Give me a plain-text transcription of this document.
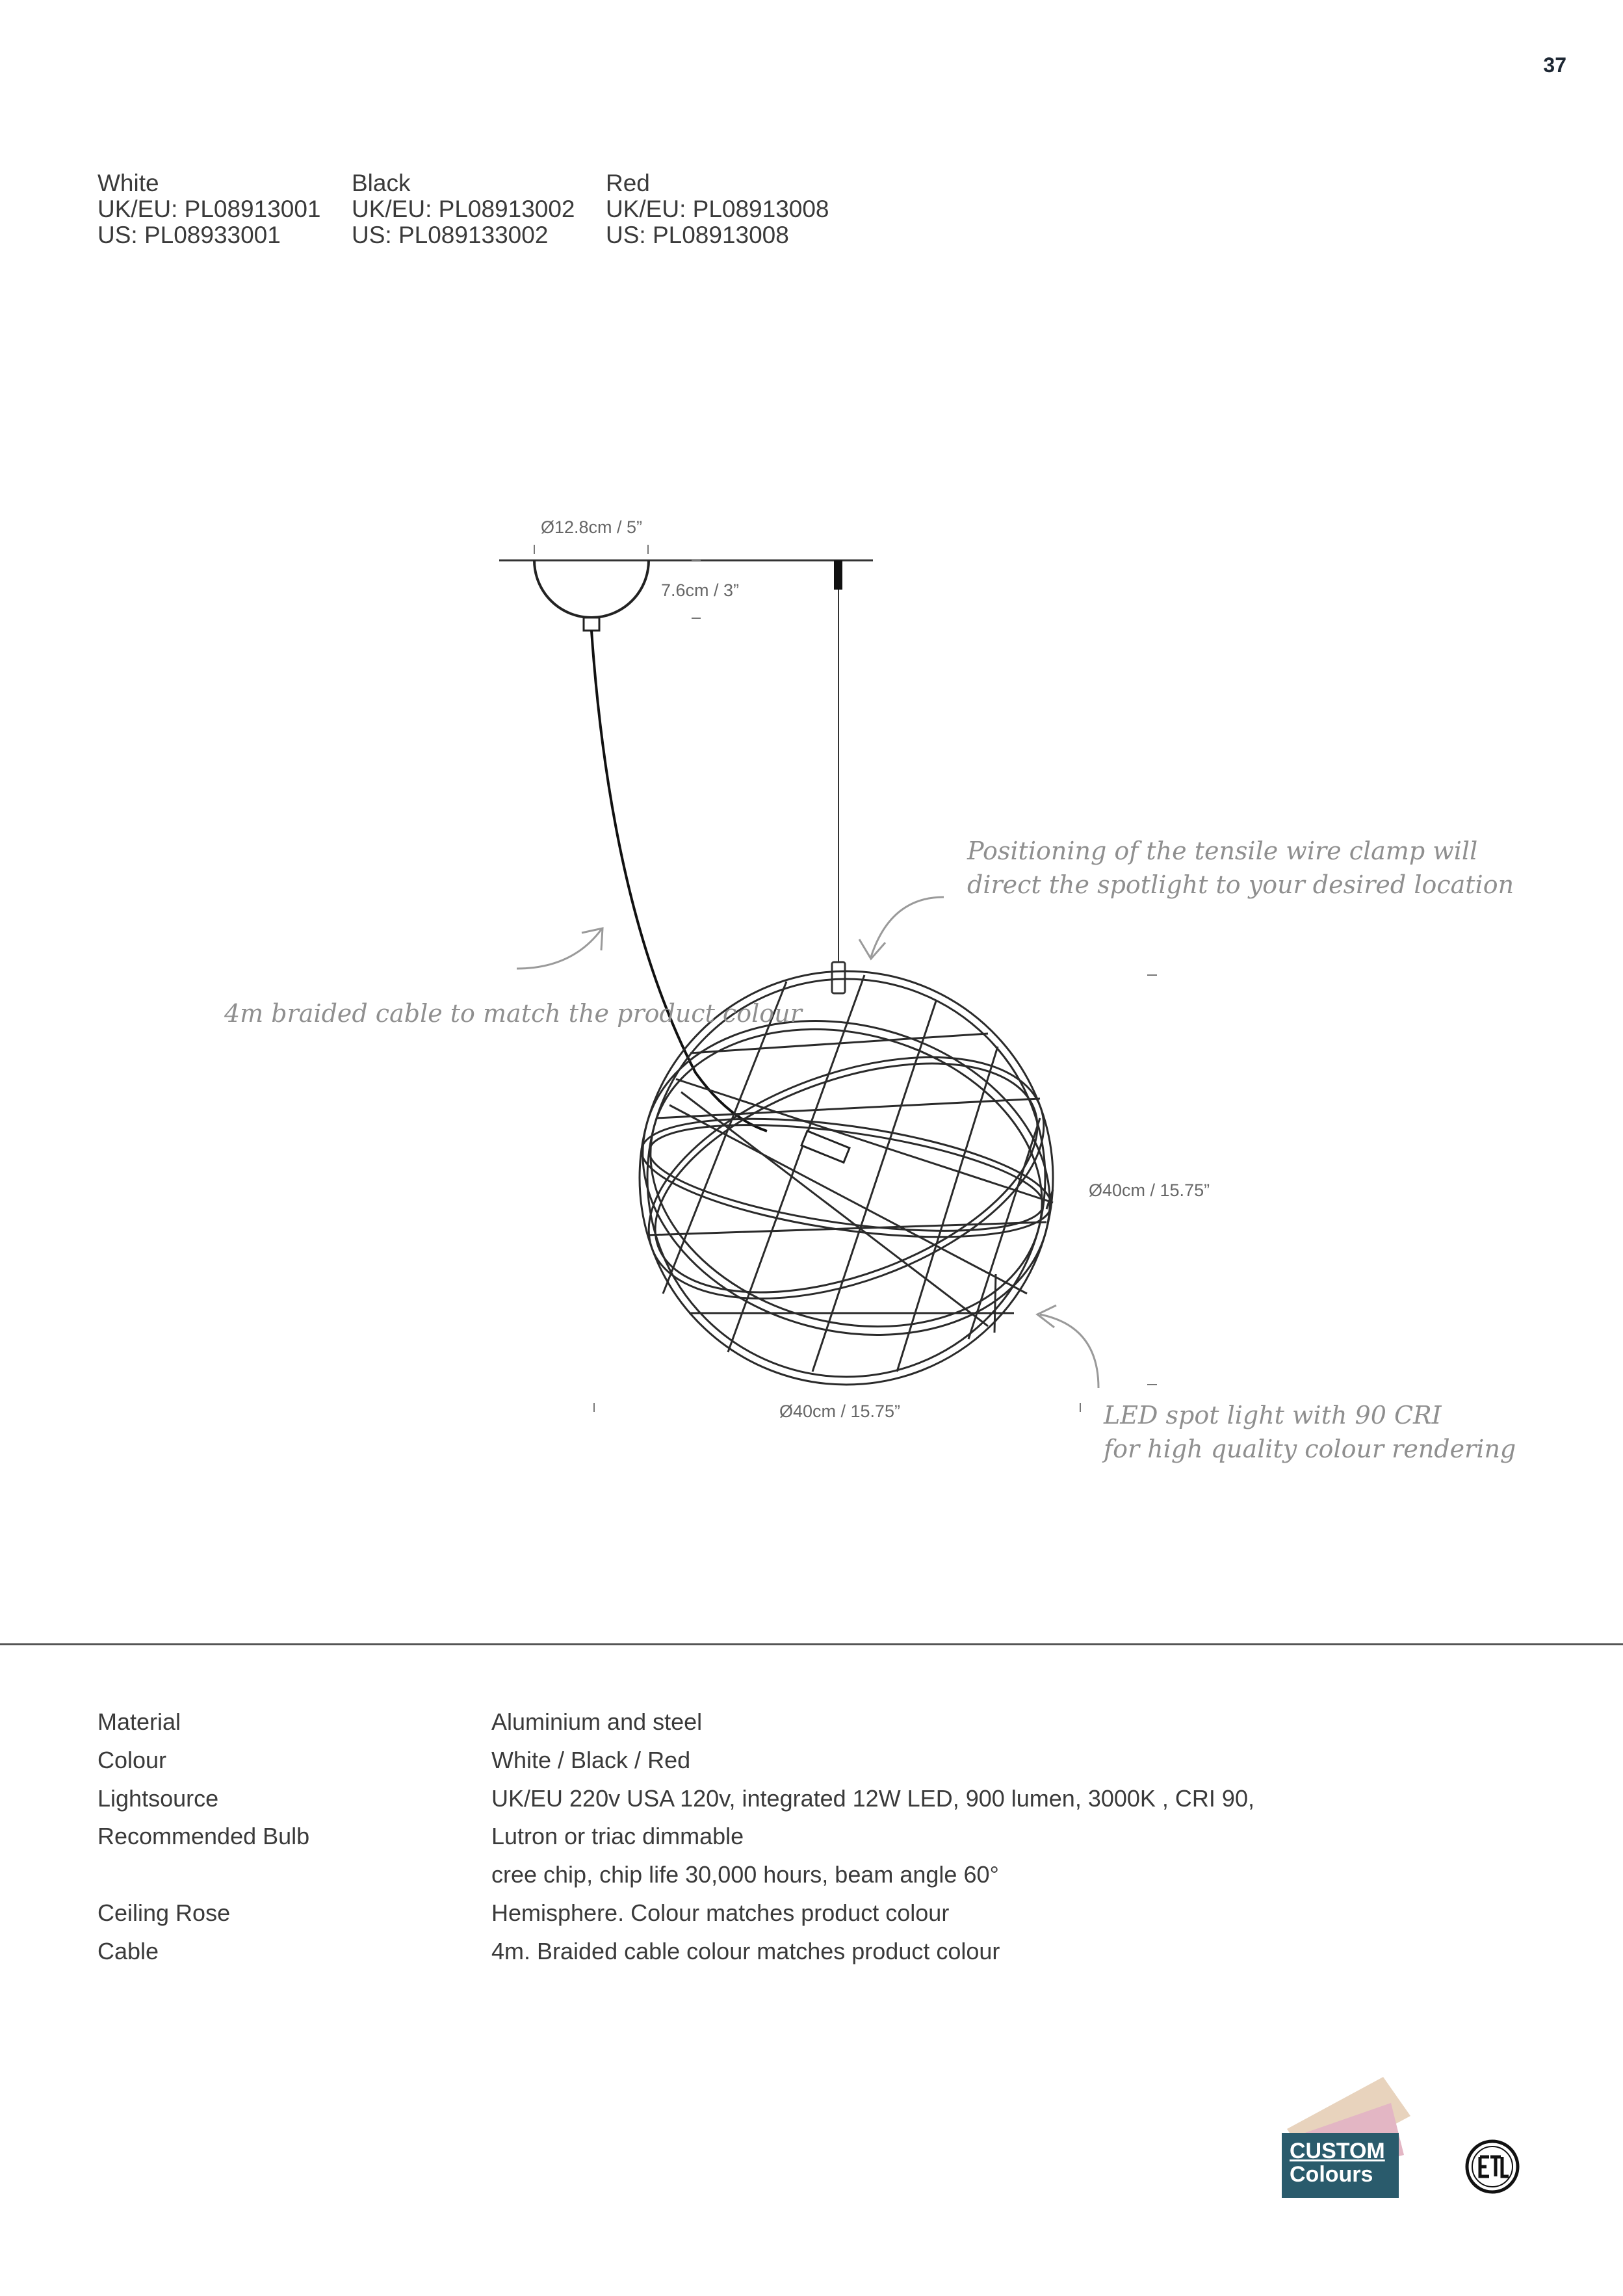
37
White
UK/EU: PL08913001
US: PL08933001
Black
UK/EU: PL08913002
US: PL089133002
Red
UK/EU: PL08913008
US: PL08913008
Ø12.8cm / 5”
7.6cm / 3”
Ø40cm / 15.75”
Ø40cm / 15.75”
Positioning of the tensile wire clamp will
direct the spotlight to your desired location
4m braided cable to match the product colour
LED spot light with 90 CRI
for high quality colour rendering
Material	Aluminium and steel
Colour	White / Black / Red
Lightsource	UK/EU 220v USA 120v, integrated 12W LED, 900 lumen, 3000K , CRI 90,
Recommended Bulb	Lutron or triac dimmable
cree chip, chip life 30,000 hours, beam angle 60°
Ceiling Rose	Hemisphere. Colour matches product colour
Cable	4m. Braided cable colour matches product colour
CUSTOM
Colours
